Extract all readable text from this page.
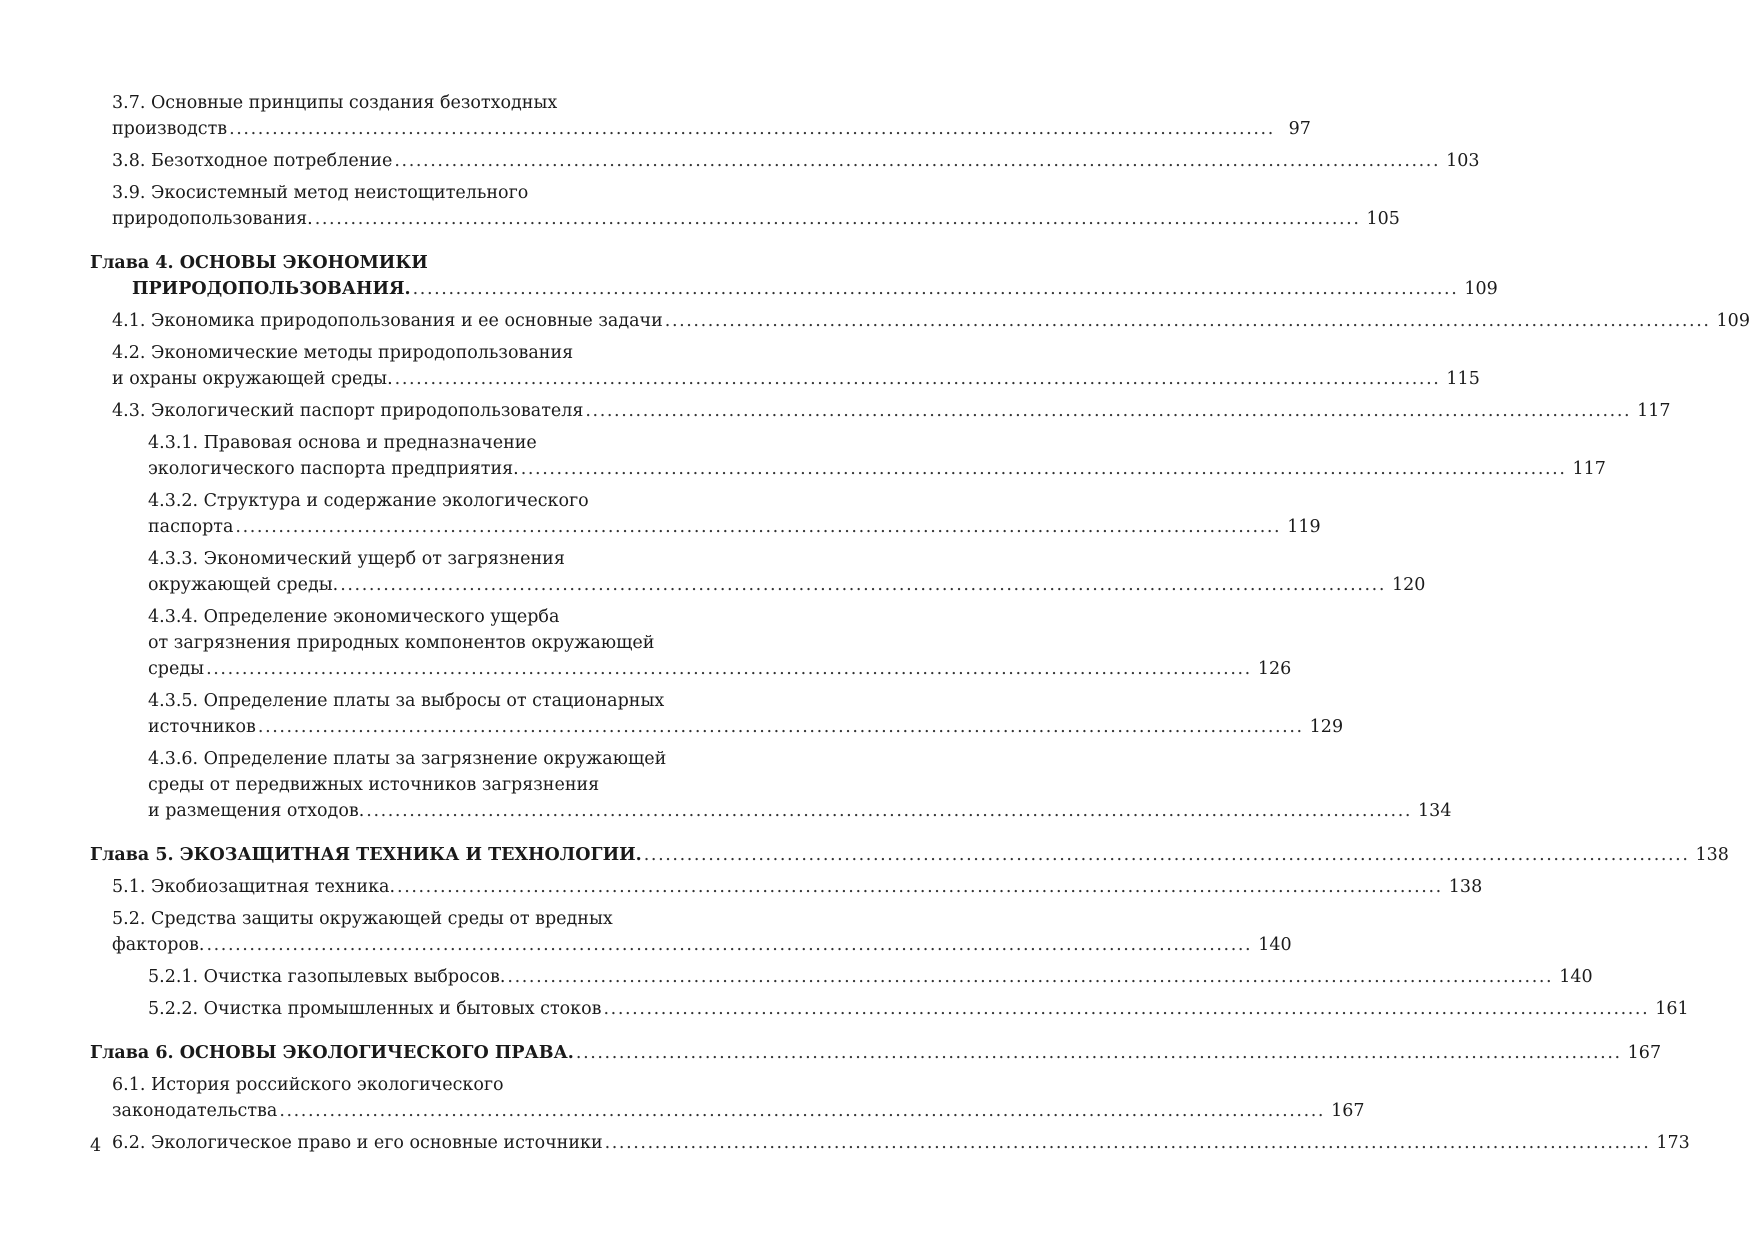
3.7. Основные принципы создания безотходных
производств .................................................................................................................................................. 97
3.8. Безотходное потребление .................................................................................................................................................. 103
3.9. Экосистемный метод неистощительного
природопользования. .................................................................................................................................................. 105
Глава 4. ОСНОВЫ ЭКОНОМИКИ
ПРИРОДОПОЛЬЗОВАНИЯ. .................................................................................................................................................. 109
4.1. Экономика природопользования и ее основные задачи .................................................................................................................................................. 109
4.2. Экономические методы природопользования
и охраны окружающей среды. .................................................................................................................................................. 115
4.3. Экологический паспорт природопользователя .................................................................................................................................................. 117
4.3.1. Правовая основа и предназначение
экологического паспорта предприятия. .................................................................................................................................................. 117
4.3.2. Структура и содержание экологического
паспорта .................................................................................................................................................. 119
4.3.3. Экономический ущерб от загрязнения
окружающей среды. .................................................................................................................................................. 120
4.3.4. Определение экономического ущерба
от загрязнения природных компонентов окружающей
среды .................................................................................................................................................. 126
4.3.5. Определение платы за выбросы от стационарных
источников .................................................................................................................................................. 129
4.3.6. Определение платы за загрязнение окружающей
среды от передвижных источников загрязнения
и размещения отходов. .................................................................................................................................................. 134
Глава 5. ЭКОЗАЩИТНАЯ ТЕХНИКА И ТЕХНОЛОГИИ. .................................................................................................................................................. 138
5.1. Экобиозащитная техника. .................................................................................................................................................. 138
5.2. Средства защиты окружающей среды от вредных
факторов. .................................................................................................................................................. 140
5.2.1. Очистка газопылевых выбросов. .................................................................................................................................................. 140
5.2.2. Очистка промышленных и бытовых стоков .................................................................................................................................................. 161
Глава 6. ОСНОВЫ ЭКОЛОГИЧЕСКОГО ПРАВА. .................................................................................................................................................. 167
6.1. История российского экологического
законодательства .................................................................................................................................................. 167
6.2. Экологическое право и его основные источники .................................................................................................................................................. 173
4
